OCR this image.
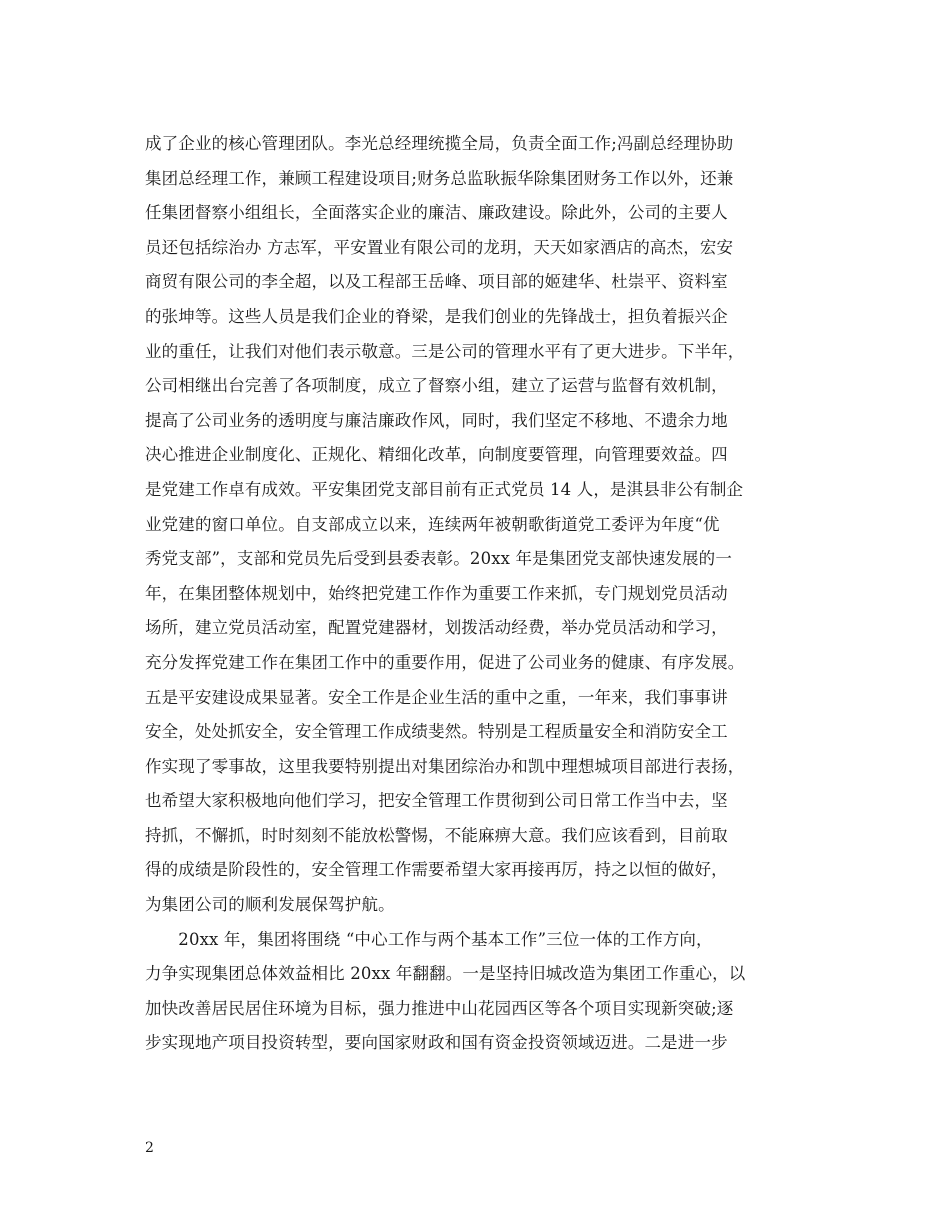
成了企业的核心管理团队。李光总经理统揽全局，负责全面工作;冯副总经理协助
集团总经理工作，兼顾工程建设项目;财务总监耿振华除集团财务工作以外，还兼
任集团督察小组组长，全面落实企业的廉洁、廉政建设。除此外，公司的主要人
员还包括综治办 方志军，平安置业有限公司的龙玥，天天如家酒店的高杰，宏安
商贸有限公司的李全超，以及工程部王岳峰、项目部的姬建华、杜崇平、资料室
的张坤等。这些人员是我们企业的脊梁，是我们创业的先锋战士，担负着振兴企
业的重任，让我们对他们表示敬意。三是公司的管理水平有了更大进步。下半年，
公司相继出台完善了各项制度，成立了督察小组，建立了运营与监督有效机制，
提高了公司业务的透明度与廉洁廉政作风，同时，我们坚定不移地、不遗余力地
决心推进企业制度化、正规化、精细化改革，向制度要管理，向管理要效益。四
是党建工作卓有成效。平安集团党支部目前有正式党员 14 人，是淇县非公有制企
业党建的窗口单位。自支部成立以来，连续两年被朝歌街道党工委评为年度“优
秀党支部”，支部和党员先后受到县委表彰。20xx 年是集团党支部快速发展的一
年，在集团整体规划中，始终把党建工作作为重要工作来抓，专门规划党员活动
场所，建立党员活动室，配置党建器材，划拨活动经费，举办党员活动和学习，
充分发挥党建工作在集团工作中的重要作用，促进了公司业务的健康、有序发展。
五是平安建设成果显著。安全工作是企业生活的重中之重，一年来，我们事事讲
安全，处处抓安全，安全管理工作成绩斐然。特别是工程质量安全和消防安全工
作实现了零事故，这里我要特别提出对集团综治办和凯中理想城项目部进行表扬，
也希望大家积极地向他们学习，把安全管理工作贯彻到公司日常工作当中去，坚
持抓，不懈抓，时时刻刻不能放松警惕，不能麻痹大意。我们应该看到，目前取
得的成绩是阶段性的，安全管理工作需要希望大家再接再厉，持之以恒的做好，
为集团公司的顺利发展保驾护航。
　　20xx 年，集团将围绕 “中心工作与两个基本工作”三位一体的工作方向，
力争实现集团总体效益相比 20xx 年翻翻。一是坚持旧城改造为集团工作重心，以
加快改善居民居住环境为目标，强力推进中山花园西区等各个项目实现新突破;逐
步实现地产项目投资转型，要向国家财政和国有资金投资领域迈进。二是进一步
2
